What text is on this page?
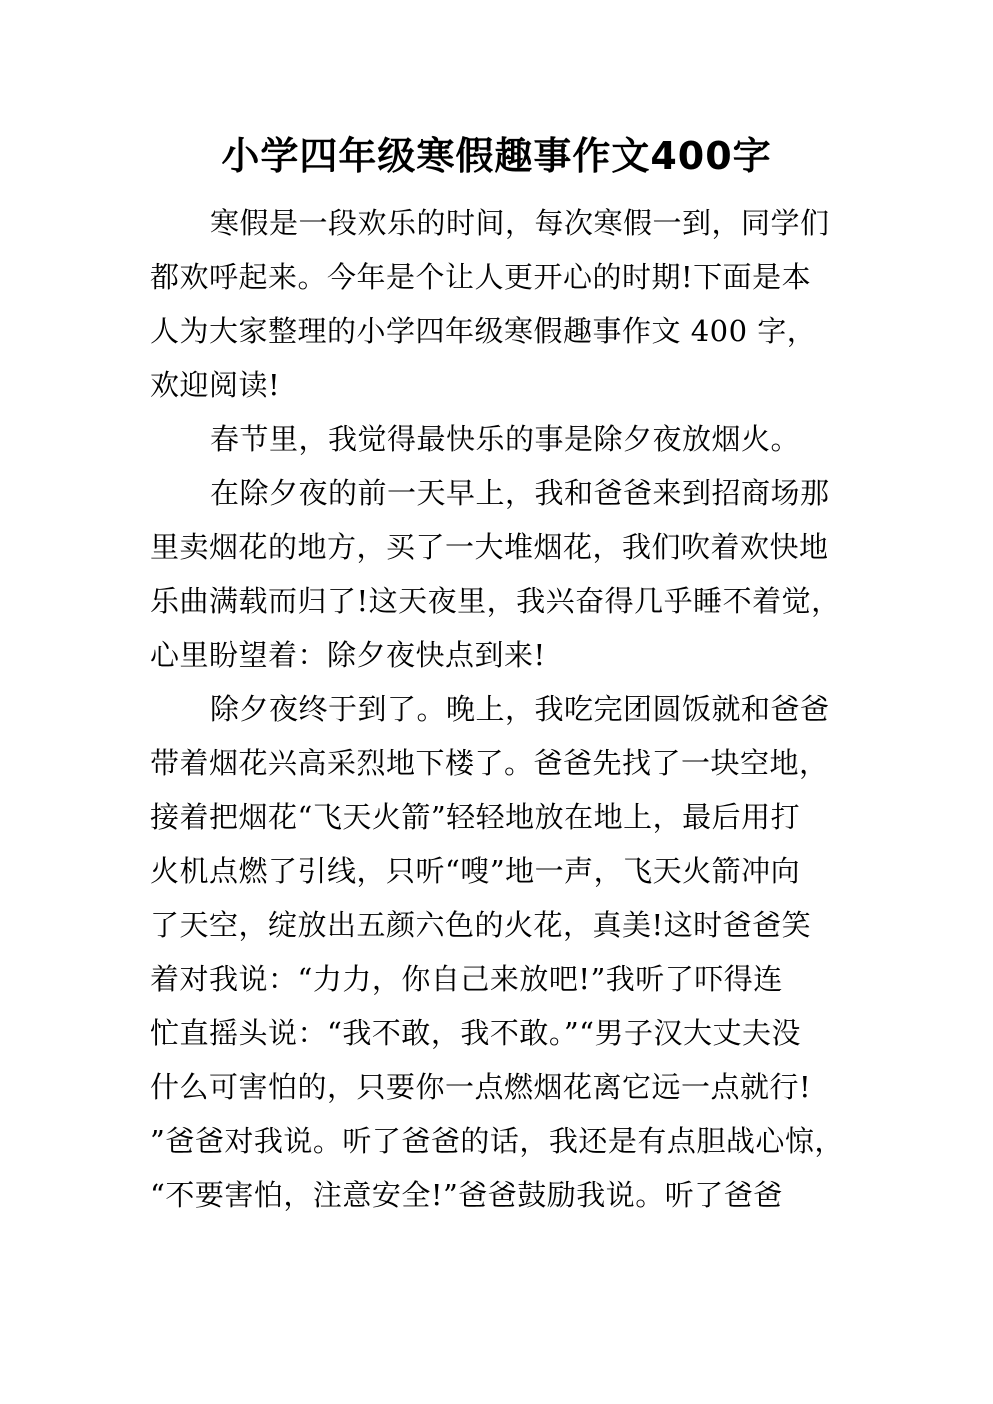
小学四年级寒假趣事作文400字
寒假是一段欢乐的时间，每次寒假一到，同学们
都欢呼起来。今年是个让人更开心的时期!下面是本
人为大家整理的小学四年级寒假趣事作文 400 字，
欢迎阅读!
春节里，我觉得最快乐的事是除夕夜放烟火。
在除夕夜的前一天早上，我和爸爸来到招商场那
里卖烟花的地方，买了一大堆烟花，我们吹着欢快地
乐曲满载而归了!这天夜里，我兴奋得几乎睡不着觉，
心里盼望着：除夕夜快点到来!
除夕夜终于到了。晚上，我吃完团圆饭就和爸爸
带着烟花兴高采烈地下楼了。爸爸先找了一块空地，
接着把烟花“飞天火箭”轻轻地放在地上，最后用打
火机点燃了引线，只听“嗖”地一声，飞天火箭冲向
了天空，绽放出五颜六色的火花，真美!这时爸爸笑
着对我说：“力力，你自己来放吧!”我听了吓得连
忙直摇头说：“我不敢，我不敢。”“男子汉大丈夫没
什么可害怕的，只要你一点燃烟花离它远一点就行!
”爸爸对我说。听了爸爸的话，我还是有点胆战心惊，
“不要害怕，注意安全!”爸爸鼓励我说。听了爸爸
